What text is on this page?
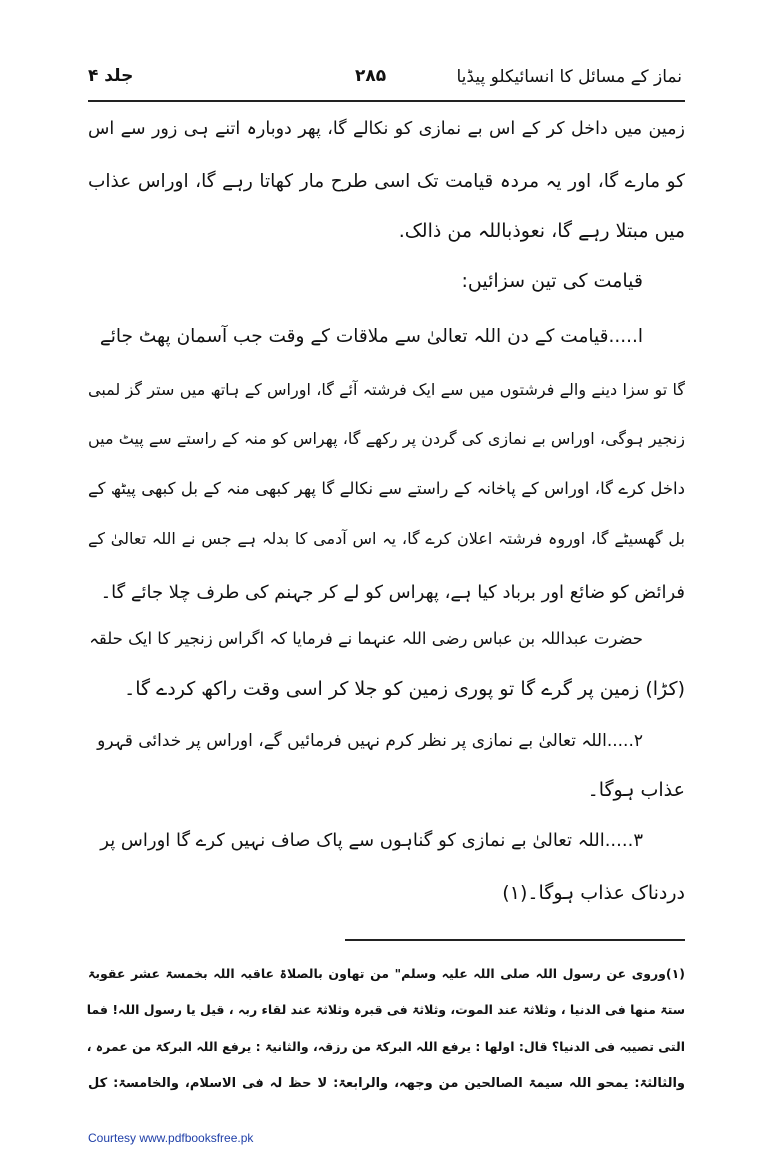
نماز کے مسائل کا انسائیکلو پیڈیا
۲۸۵
جلد ۴
زمین میں داخل کر کے اس بے نمازی کو نکالے گا، پھر دوبارہ اتنے ہی زور سے اس
کو مارے گا، اور یہ مردہ قیامت تک اسی طرح مار کھاتا رہے گا، اوراس عذاب
میں مبتلا رہے گا، نعوذباللہ من ذالک.
قیامت کی تین سزائیں:
ا.....قیامت کے دن اللہ تعالیٰ سے ملاقات کے وقت جب آسمان پھٹ جائے
گا تو سزا دینے والے فرشتوں میں سے ایک فرشتہ آئے گا، اوراس کے ہاتھ میں ستر گز لمبی
زنجیر ہوگی، اوراس بے نمازی کی گردن پر رکھے گا، پھراس کو منہ کے راستے سے پیٹ میں
داخل کرے گا، اوراس کے پاخانہ کے راستے سے نکالے گا پھر کبھی منہ کے بل کبھی پیٹھ کے
بل گھسیٹے گا، اوروہ فرشتہ اعلان کرے گا، یہ اس آدمی کا بدلہ ہے جس نے اللہ تعالیٰ کے
فرائض کو ضائع اور برباد کیا ہے، پھراس کو لے کر جہنم کی طرف چلا جائے گا۔
حضرت عبداللہ بن عباس رضی اللہ عنہما نے فرمایا کہ اگراس زنجیر کا ایک حلقہ
(کڑا) زمین پر گرے گا تو پوری زمین کو جلا کر اسی وقت راکھ کردے گا۔
۲.....اللہ تعالیٰ بے نمازی پر نظر کرم نہیں فرمائیں گے، اوراس پر خدائی قہرو
عذاب ہوگا۔
۳.....اللہ تعالیٰ بے نمازی کو گناہوں سے پاک صاف نہیں کرے گا اوراس پر
دردناک عذاب ہوگا۔(۱)
(۱)وروی عن رسول اللہ صلی اللہ علیہ وسلم" من تھاون بالصلاۃ عاقبہ اللہ بخمسۃ عشر عقوبۃ
ستۃ منھا فی الدنیا ، وثلاثۃ عند الموت، وثلاثۃ فی قبرہ وثلاثۃ عند لقاء ربہ ، قیل یا رسول اللہ! فما
التی تصیبہ فی الدنیا؟ قال: اولھا : یرفع اللہ البرکۃ من رزقہ، والثانیۃ : یرفع اللہ البرکۃ من عمرہ ،
والثالثۃ: یمحو اللہ سیمۃ الصالحین من وجھہ، والرابعۃ: لا حظ لہ فی الاسلام، والخامسۃ: کل
Courtesy www.pdfbooksfree.pk
